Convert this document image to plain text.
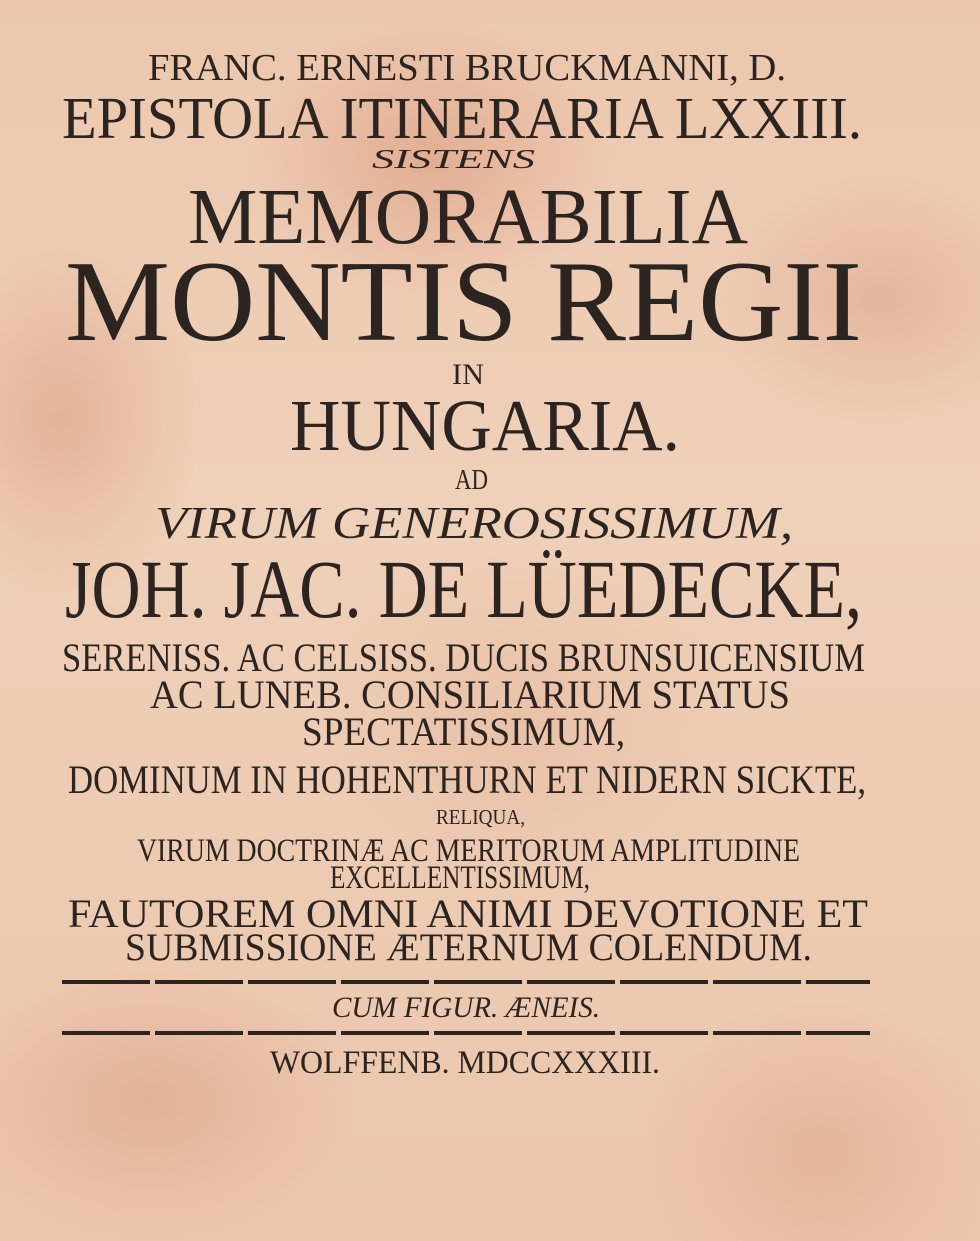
FRANC. ERNESTI BRUCKMANNI, D.
EPISTOLA ITINERARIA LXXIII.
SISTENS
MEMORABILIA
MONTIS REGII
IN
HUNGARIA.
AD
VIRUM GENEROSISSIMUM,
JOH. JAC. DE LÜEDECKE,
SERENISS. AC CELSISS. DUCIS BRUNSUICENSIUM
AC LUNEB. CONSILIARIUM STATUS
SPECTATISSIMUM,
DOMINUM IN HOHENTHURN ET NIDERN SICKTE,
RELIQUA,
VIRUM DOCTRINÆ AC MERITORUM AMPLITUDINE
EXCELLENTISSIMUM,
FAUTOREM OMNI ANIMI DEVOTIONE ET
SUBMISSIONE ÆTERNUM COLENDUM.
CUM FIGUR. ÆNEIS.
WOLFFENB. MDCCXXXIII.
